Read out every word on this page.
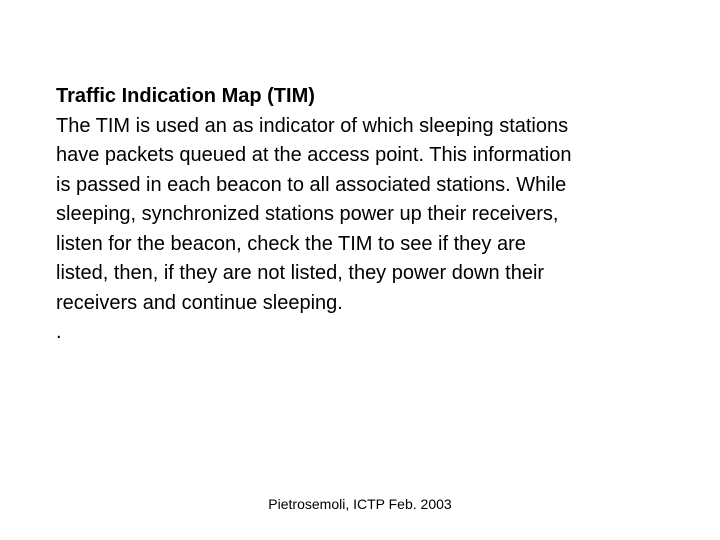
Traffic Indication Map (TIM)
The TIM is used an as indicator of which sleeping stations
have packets queued at the access point. This information
is passed in each beacon to all associated stations. While
sleeping, synchronized stations power up their receivers,
listen for the beacon, check the TIM to see if they are
listed, then, if they are not listed, they power down their
receivers and continue sleeping.
.
Pietrosemoli, ICTP Feb. 2003
